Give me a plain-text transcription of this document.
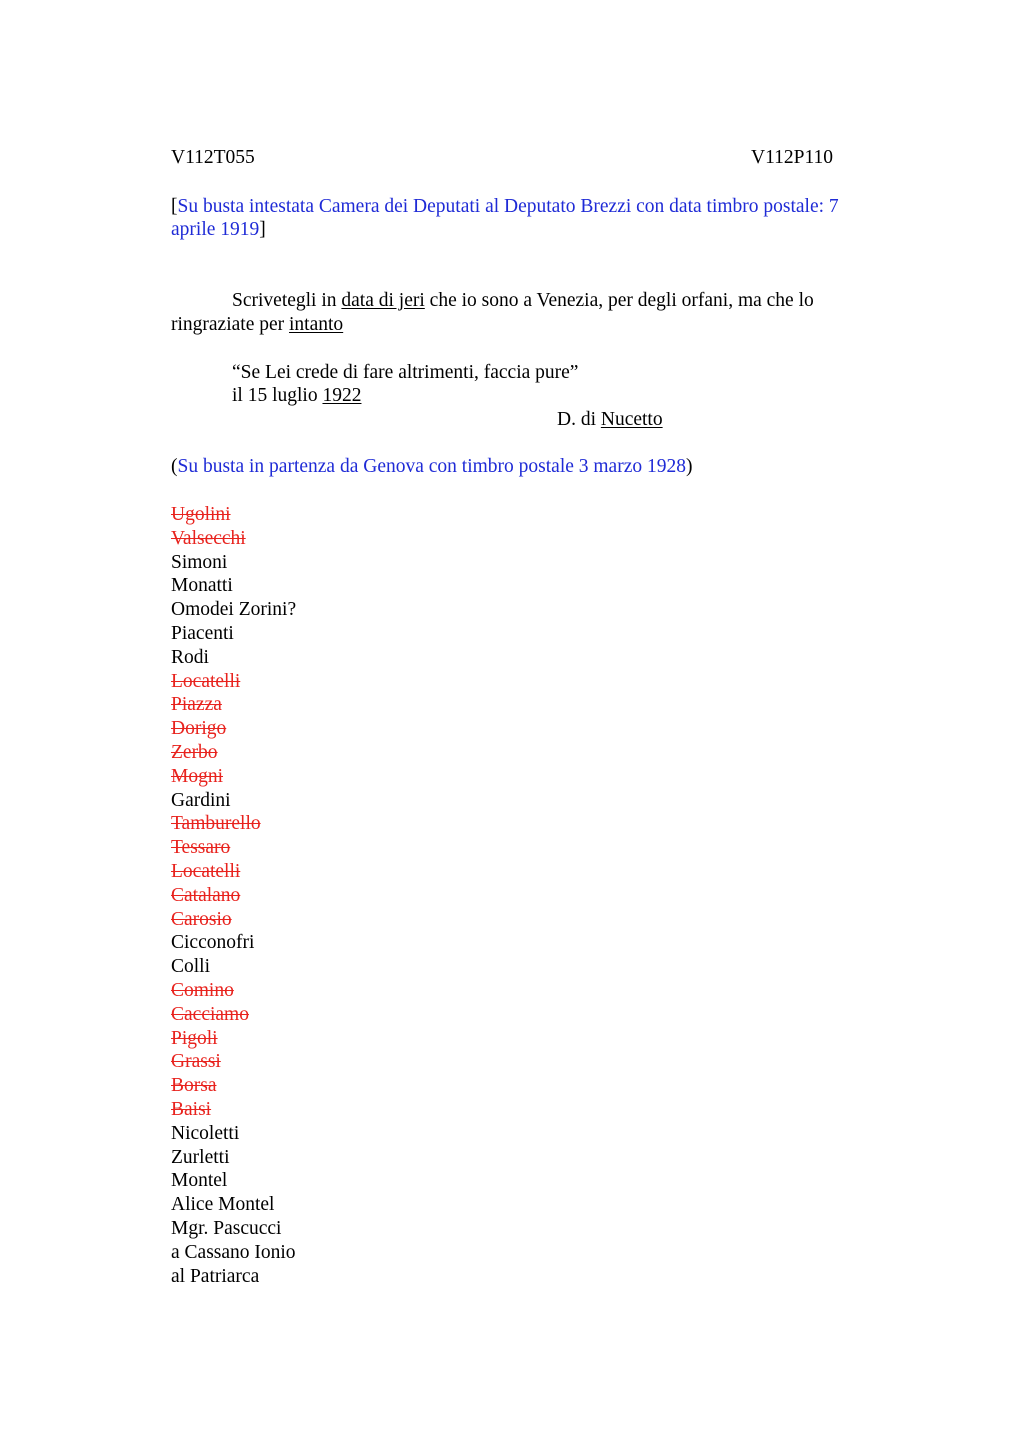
V112T055	V112P110
[Su busta intestata Camera dei Deputati al Deputato Brezzi con data timbro postale: 7
aprile 1919]
Scrivetegli in data di jeri che io sono a Venezia, per degli orfani, ma che lo
ringraziate per intanto
“Se Lei crede di fare altrimenti, faccia pure”
il 15 luglio 1922
D. di Nucetto
(Su busta in partenza da Genova con timbro postale 3 marzo 1928)
Ugolini
Valsecchi
Simoni
Monatti
Omodei Zorini?
Piacenti
Rodi
Locatelli
Piazza
Dorigo
Zerbo
Mogni
Gardini
Tamburello
Tessaro
Locatelli
Catalano
Carosio
Cicconofri
Colli
Comino
Cacciamo
Pigoli
Grassi
Borsa
Baisi
Nicoletti
Zurletti
Montel
Alice Montel
Mgr. Pascucci
a Cassano Ionio
al Patriarca
